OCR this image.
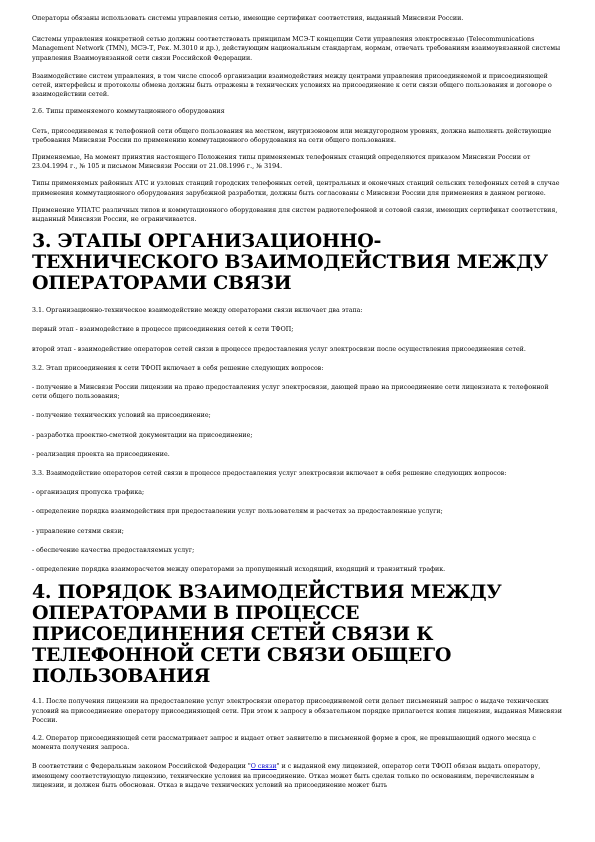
Операторы обязаны использовать системы управления сетью, имеющие сертификат соответствия, выданный Минсвязи России.

Системы управления конкретной сетью должны соответствовать принципам МСЭ-Т концепции Сети управления электросвязью (Telecommunications Management Network (TMN), МСЭ-Т, Рек. М.3010 и др.), действующим национальным стандартам, нормам, отвечать требованиям взаимоувязанной системы управления Взаимоувязанной сети связи Российской Федерации.

Взаимодействие систем управления, в том числе способ организации взаимодействия между центрами управления присоединяемой и присоединяющей сетей, интерфейсы и протоколы обмена должны быть отражены в технических условиях на присоединение к сети связи общего пользования и договоре о взаимодействии сетей.

2.6. Типы применяемого коммутационного оборудования

Сеть, присоединяемая к телефонной сети общего пользования на местном, внутризоновом или междугородном уровнях, должна выполнять действующие требования Минсвязи России по применению коммутационного оборудования на сети общего пользования.

Применяемые, На момент принятия настоящего Положения типы применяемых телефонных станций определяются приказом Минсвязи России от 23.04.1994 г., № 105 и письмом Минсвязи России от 21.08.1996 г., № 3194.

Типы применяемых районных АТС и узловых станций городских телефонных сетей, центральных и оконечных станций сельских телефонных сетей в случае применения коммутационного оборудования зарубежной разработки, должны быть согласованы с Минсвязи России для применения в данном регионе.

Применение УПАТС различных типов и коммутационного оборудования для систем радиотелефонной и сотовой связи, имеющих сертификат соответствия, выданный Минсвязи России, не ограничивается.

3. ЭТАПЫ ОРГАНИЗАЦИОННО-ТЕХНИЧЕСКОГО ВЗАИМОДЕЙСТВИЯ МЕЖДУ ОПЕРАТОРАМИ СВЯЗИ

3.1. Организационно-техническое взаимодействие между операторами связи включает два этапа:

первый этап - взаимодействие в процессе присоединения сетей к сети ТФОП;

второй этап - взаимодействие операторов сетей связи в процессе предоставления услуг электросвязи после осуществления присоединения сетей.

3.2. Этап присоединения к сети ТФОП включает в себя решение следующих вопросов:

- получение в Минсвязи России лицензии на право предоставления услуг электросвязи, дающей право на присоединение сети лицензиата к телефонной сети общего пользования;

- получение технических условий на присоединение;

- разработка проектно-сметной документации на присоединение;

- реализация проекта на присоединение.

3.3. Взаимодействие операторов сетей связи в процессе предоставления услуг электросвязи включает в себя решение следующих вопросов:

- организация пропуска трафика;

- определение порядка взаимодействия при предоставлении услуг пользователям и расчетах за предоставленные услуги;

- управление сетями связи;

- обеспечение качества предоставляемых услуг;

- определение порядка взаиморасчетов между операторами за пропущенный исходящий, входящий и транзитный трафик.

4. ПОРЯДОК ВЗАИМОДЕЙСТВИЯ МЕЖДУ ОПЕРАТОРАМИ В ПРОЦЕССЕ ПРИСОЕДИНЕНИЯ СЕТЕЙ СВЯЗИ К ТЕЛЕФОННОЙ СЕТИ СВЯЗИ ОБЩЕГО ПОЛЬЗОВАНИЯ

4.1. После получения лицензии на предоставление услуг электросвязи оператор присоединяемой сети делает письменный запрос о выдаче технических условий на присоединение оператору присоединяющей сети. При этом к запросу в обязательном порядке прилагается копия лицензии, выданная Минсвязи России.

4.2. Оператор присоединяющей сети рассматривает запрос и выдает ответ заявителю в письменной форме в срок, не превышающий одного месяца с момента получения запроса.

В соответствии с Федеральным законом Российской Федерации "О связи" и с выданной ему лицензией, оператор сети ТФОП обязан выдать оператору, имеющему соответствующую лицензию, технические условия на присоединение. Отказ может быть сделан только по основаниям, перечисленным в лицензии, и должен быть обоснован. Отказ в выдаче технических условий на присоединение может быть
